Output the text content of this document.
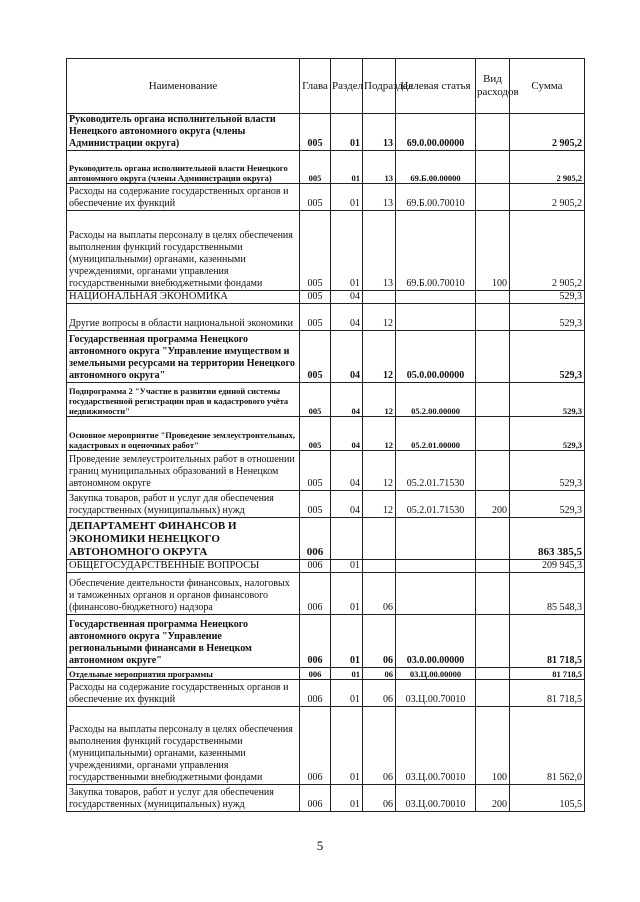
Наименование	Глава	Раздел	Подраздел	Целевая статья	Вид расходов	Сумма
Руководитель органа исполнительной власти Ненецкого автономного округа (члены Администрации округа)	005	01	13	69.0.00.00000		2 905,2
Руководитель органа исполнительной власти Ненецкого автономного округа (члены Администрации округа)	005	01	13	69.Б.00.00000		2 905,2
Расходы на содержание государственных органов и обеспечение их функций	005	01	13	69.Б.00.70010		2 905,2
Расходы на выплаты персоналу в целях обеспечения выполнения функций государственными (муниципальными) органами, казенными учреждениями, органами управления государственными внебюджетными фондами	005	01	13	69.Б.00.70010	100	2 905,2
НАЦИОНАЛЬНАЯ ЭКОНОМИКА	005	04				529,3
Другие вопросы в области национальной экономики	005	04	12			529,3
Государственная программа Ненецкого автономного округа "Управление имуществом и земельными ресурсами на территории Ненецкого автономного округа"	005	04	12	05.0.00.00000		529,3
Подпрограмма 2 "Участие в развитии единой системы государственной регистрации прав и кадастрового учёта недвижимости"	005	04	12	05.2.00.00000		529,3
Основное мероприятие "Проведение землеустроительных, кадастровых и оценочных работ"	005	04	12	05.2.01.00000		529,3
Проведение землеустроительных работ в отношении границ муниципальных образований в Ненецком автономном округе	005	04	12	05.2.01.71530		529,3
Закупка товаров, работ и услуг для обеспечения государственных (муниципальных) нужд	005	04	12	05.2.01.71530	200	529,3
ДЕПАРТАМЕНТ ФИНАНСОВ И ЭКОНОМИКИ НЕНЕЦКОГО АВТОНОМНОГО ОКРУГА	006					863 385,5
ОБЩЕГОСУДАРСТВЕННЫЕ ВОПРОСЫ	006	01				209 945,3
Обеспечение деятельности финансовых, налоговых и таможенных органов и органов финансового (финансово-бюджетного) надзора	006	01	06			85 548,3
Государственная программа Ненецкого автономного округа "Управление региональными финансами в Ненецком автономном округе"	006	01	06	03.0.00.00000		81 718,5
Отдельные мероприятия программы	006	01	06	03.Ц.00.00000		81 718,5
Расходы на содержание государственных органов и обеспечение их функций	006	01	06	03.Ц.00.70010		81 718,5
Расходы на выплаты персоналу в целях обеспечения выполнения функций государственными (муниципальными) органами, казенными учреждениями, органами управления государственными внебюджетными фондами	006	01	06	03.Ц.00.70010	100	81 562,0
Закупка товаров, работ и услуг для обеспечения государственных (муниципальных) нужд	006	01	06	03.Ц.00.70010	200	105,5
5
